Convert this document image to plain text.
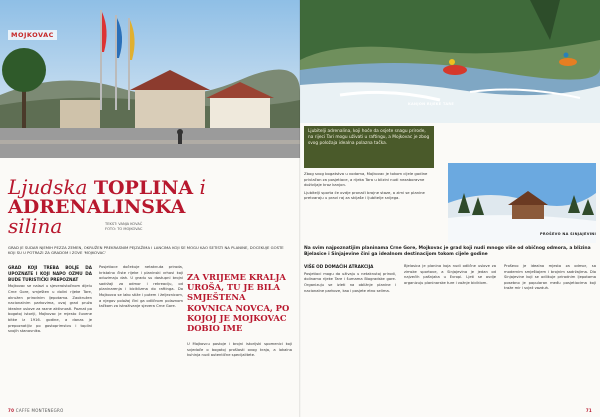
MOJKOVAC
Ljudska TOPLINA i
ADRENALINSKA
silina	TEKST: VANJA KOVAČ
FOTO: TO MOJKOVAC
GRAD JE SUDAR NJEMIH PEZZA ZEMEN, OKRUŽEN PREKRASNIM PEJZAŽIMA I LANCIMA KOJI SE MOGU KAO SETISTI NA PLANINE, DOCEKUJE GOSTE KOJI SU U POTRAZI ZA GRADOM I ZOVE 'MOJKOVAC'
GRAD KOJI TREBA BOLJE DA UPOZNATE I KOJI NAPO OZMU DA BUDE TURISTIČKI PREPOZNAT

Mojkovac se nalazi u sjeveroistočnom dijelu Crne Gore, smješten u dolini rijeke Tare, okružen prirodnim ljepotama. Zaokružen nacionalnim parkovima, ovaj grad pruža idealne uslove za razne aktivnosti. Poznat po bogatoj istoriji, Mojkovac je mjesto čuvene bitke iz 1916. godine, a danas je prepoznatljiv po gostoprimstvu i toplini svojih stanovnika.

Posjetioce dočekuje netaknuta priroda, kristalno čiste rijeke i planinski vrhovi koji oduzimaju dah. U gradu su dostupni brojni sadržaji za odmor i rekreaciju, od planinarenja i biciklizma do raftinga. Do Mojkovca se lako stiže i putem i željeznicom, a njegov položaj čini ga odličnom polaznom tačkom za istraživanje sjevera Crne Gore.

ZA VRIJEME KRALJA UROŠA, TU JE BILA SMJEŠTENA KOVNICA NOVCA, PO KOJOJ JE MOJKOVAC DOBIO IME

U Mojkovcu postoje i brojni istorijski spomenici koji svjedoče o bogatoj prošlosti ovog kraja, a lokalna kuhinja nudi autentične specijalitete.

70 CAFFE MONTENEGRO
KANJON RIJEKE TARE
Ljubitelji adrenalina, koji hoće da osjete snagu prirode, na rijeci Tari mogu uživati u raftingu, a Mojkovac je zbog svog položaja idealna polazna tačka.

Zbog svog bogatstva u vodama, Mojkovac je tokom cijele godine privlačan za posjetioce, a rijeka Tara u blizini nudi nezaboravne doživljaje kroz kanjon.

Ljubitelji sporta će ovdje pronaći brojne staze, a zimi se planine pretvaraju u pravi raj za skijaše i ljubitelje snijega.

PROŠEVO NA SINJAJEVINI
Na svim najpoznatijim planinama Crne Gore, Mojkovac je grad koji nudi mnogo više od običnog odmora, a blizina Bjelasice i Sinjajevine čini ga idealnom destinacijom tokom cijele godine
VIŠE OD DOMAĆIH ATRAKCIJA

Posjetioci mogu da uživaju u netaknutoj prirodi, dolinama rijeke Tare i šumama Biogradske gore. Organizuju se izleti na obližnje planine i nacionalne parkove, kao i posjete etno selima.

Bjelasica je planina koja nudi odlične uslove za zimske sportove, a Sinjajevina je jedan od najvećih pašnjaka u Evropi. Ljeti se ovdje organizuju planinarske ture i vožnje biciklom.

Proševo je idealno mjesto za odmor, sa modernim smještajem i brojnim sadržajima. Dio Sinjajevine koji se odlikuje prirodnim ljepotama posebno je popularan među posjetiocima koji traže mir i svjež vazduh.

71
